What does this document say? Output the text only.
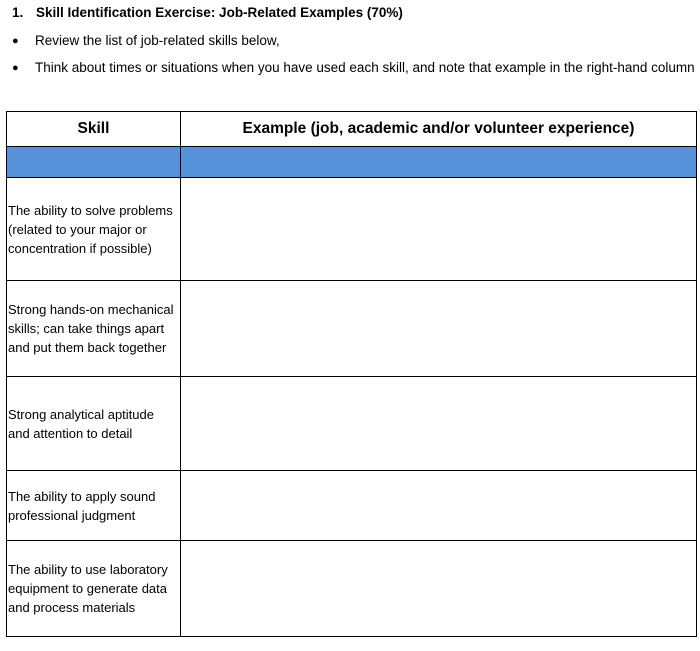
1. Skill Identification Exercise: Job-Related Examples (70%)
● Review the list of job-related skills below,
● Think about times or situations when you have used each skill, and note that example in the right-hand column
Skill	Example (job, academic and/or volunteer experience)

The ability to solve problems (related to your major or concentration if possible)	
Strong hands-on mechanical skills; can take things apart and put them back together	
Strong analytical aptitude and attention to detail	
The ability to apply sound professional judgment	
The ability to use laboratory equipment to generate data and process materials	
